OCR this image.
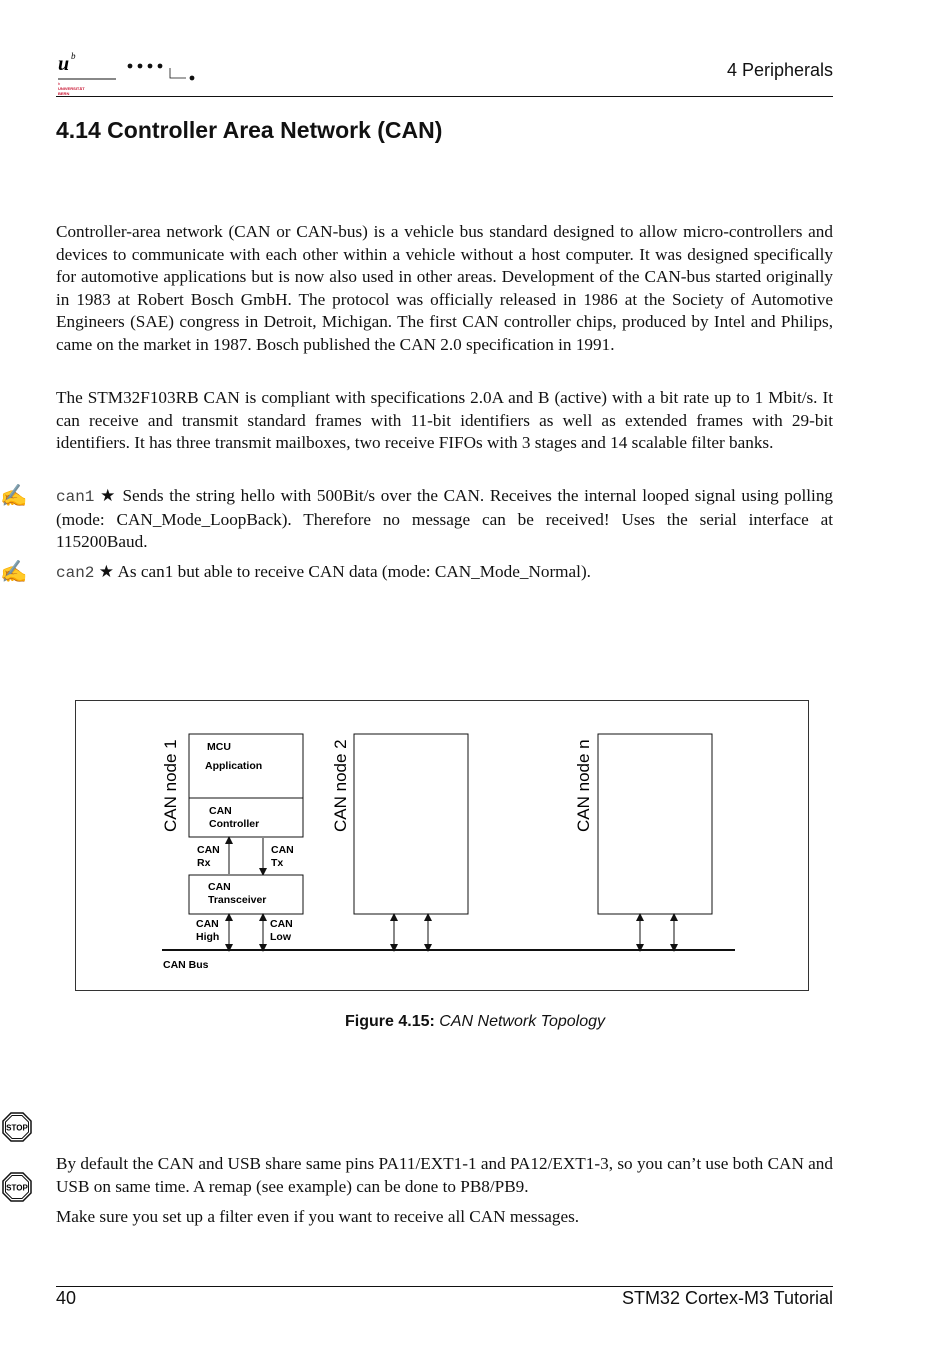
u b
b
UNIVERSITÄT
BERN
4 Peripherals
4.14 Controller Area Network (CAN)

Controller-area network (CAN or CAN-bus) is a vehicle bus standard designed to allow micro-controllers and devices to communicate with each other within a vehicle without a host computer. It was designed specifically for automotive applications but is now also used in other areas. Development of the CAN-bus started originally in 1983 at Robert Bosch GmbH. The protocol was officially released in 1986 at the Society of Automotive Engineers (SAE) congress in Detroit, Michigan. The first CAN controller chips, produced by Intel and Philips, came on the market in 1987. Bosch published the CAN 2.0 specification in 1991.

The STM32F103RB CAN is compliant with specifications 2.0A and B (active) with a bit rate up to 1 Mbit/s. It can receive and transmit standard frames with 11-bit identifiers as well as extended frames with 29-bit identifiers. It has three transmit mailboxes, two receive FIFOs with 3 stages and 14 scalable filter banks.

✍ can1 ★ Sends the string hello with 500Bit/s over the CAN. Receives the internal looped signal using polling (mode: CAN_Mode_LoopBack). Therefore no message can be received! Uses the serial interface at 115200Baud.

✍ can2 ★ As can1 but able to receive CAN data (mode: CAN_Mode_Normal).

CAN node 1	MCU
Application
CAN
Controller
CAN
Rx
CAN
Tx
CAN
Transceiver
CAN
High
CAN
Low
CAN node 2	CAN node n
CAN Bus
Figure 4.15: CAN Network Topology
STOP
STOP

By default the CAN and USB share same pins PA11/EXT1-1 and PA12/EXT1-3, so you can’t use both CAN and USB on same time. A remap (see example) can be done to PB8/PB9.

Make sure you set up a filter even if you want to receive all CAN messages.

40	STM32 Cortex-M3 Tutorial
